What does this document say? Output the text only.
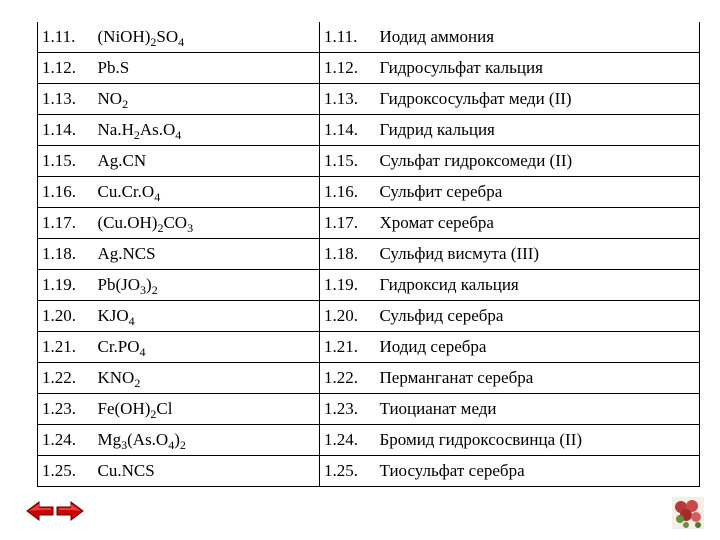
1.11.	$(NiOH)_2SO_4$	1.11.	Иодид аммония
1.12.	Pb.S	1.12.	Гидросульфат кальция
1.13.	$NO_2$	1.13.	Гидроксосульфат меди (II)
1.14.	$Na.H_2As.O_4$	1.14.	Гидрид кальция
1.15.	Ag.CN	1.15.	Сульфат гидроксомеди (II)
1.16.	$Cu.Cr.O_4$	1.16.	Сульфит серебра
1.17.	$(Cu.OH)_2CO_3$	1.17.	Хромат серебра
1.18.	Ag.NCS	1.18.	Сульфид висмута (III)
1.19.	$Pb(JO_3)_2$	1.19.	Гидроксид кальция
1.20.	$KJO_4$	1.20.	Сульфид серебра
1.21.	$Cr.PO_4$	1.21.	Иодид серебра
1.22.	$KNO_2$	1.22.	Перманганат серебра
1.23.	$Fe(OH)_2Cl$	1.23.	Тиоцианат меди
1.24.	$Mg_3(As.O_4)_2$	1.24.	Бромид гидроксосвинца (II)
1.25.	Cu.NCS	1.25.	Тиосульфат серебра
